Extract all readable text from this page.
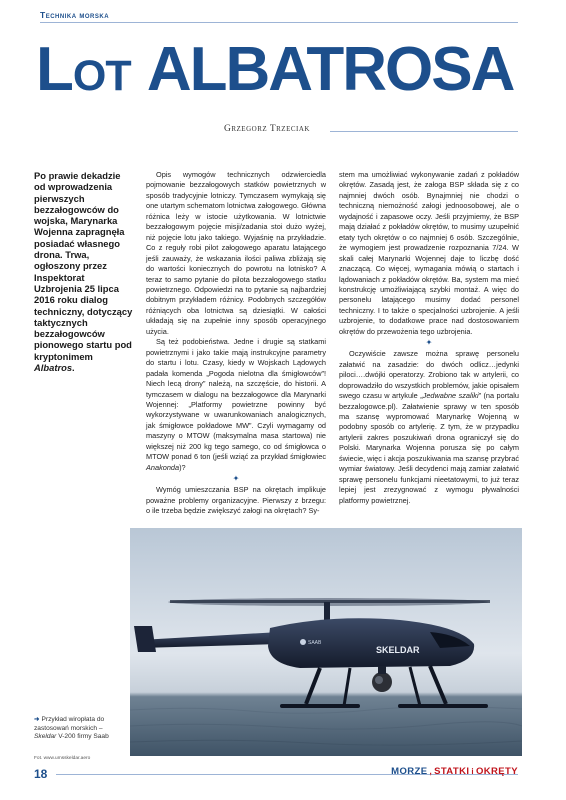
Technika morska
Lot ALBATROSA
Grzegorz Trzeciak
Po prawie dekadzie od wprowadzenia pierwszych bezzałogowców do wojska, Marynarka Wojenna zapragnęła posiadać własnego drona. Trwa, ogłoszony przez Inspektorat Uzbrojenia 25 lipca 2016 roku dialog techniczny, dotyczący taktycznych bezzałogowców pionowego startu pod kryptonimem Albatros.

Opis wymogów technicznych odzwierciedla pojmowanie bezzałogowych statków powietrznych w sposób tradycyjnie lotniczy. Tymczasem wymykają się one utartym schematom lotnictwa załogowego. Główna różnica leży w istocie użytkowania. W lotnictwie bezzałogowym pojęcie misji/zadania stoi dużo wyżej, niż pojęcie lotu jako takiego. Wyjaśnię na przykładzie. Co z reguły robi pilot załogowego aparatu latającego jeśli zauważy, że wskazania ilości paliwa zbliżają się do wartości koniecznych do powrotu na lotnisko? A teraz to samo pytanie do pilota bezzałogowego statku powietrznego. Odpowiedzi na to pytanie są najbardziej dobitnym przykładem różnicy. Podobnych szczegółów różniących oba lotnictwa są dziesiątki. W całości układają się na zupełnie inny sposób operacyjnego użycia.

Są też podobieństwa. Jedne i drugie są statkami powietrznymi i jako takie mają instrukcyjne parametry do startu i lotu. Czasy, kiedy w Wojskach Lądowych padała komenda „Pogoda nielotna dla śmigłowców”! Niech lecą drony” należą, na szczęście, do historii. A tymczasem w dialogu na bezzałogowce dla Marynarki Wojennej: „Platformy powietrzne powinny być wykorzystywane w uwarunkowaniach analogicznych, jak śmigłowce pokładowe MW”. Czyli wymagamy od maszyny o MTOW (maksymalna masa startowa) nie większej niż 200 kg tego samego, co od śmigłowca o MTOW ponad 6 ton (jeśli wziąć za przykład śmigłowiec Anakonda)?

✦

Wymóg umieszczania BSP na okrętach implikuje poważne problemy organizacyjne. Pierwszy z brzegu: o ile trzeba będzie zwiększyć załogi na okrętach? Sy-

stem ma umożliwiać wykonywanie zadań z pokładów okrętów. Zasadą jest, że załoga BSP składa się z co najmniej dwóch osób. Bynajmniej nie chodzi o techniczną niemożność załogi jednoosobowej, ale o wydajność i zapasowe oczy. Jeśli przyjmiemy, że BSP mają działać z pokładów okrętów, to musimy uzupełnić etaty tych okrętów o co najmniej 6 osób. Szczególnie, że wymogiem jest prowadzenie rozpoznania 7/24. W skali całej Marynarki Wojennej daje to liczbę dość znaczącą. Co więcej, wymagania mówią o startach i lądowaniach z pokładów okrętów. Ba, system ma mieć konstrukcję umożliwiającą szybki montaż. A więc do personelu latającego musimy dodać personel techniczny. I to także o specjalności uzbrojenie. A jeśli uzbrojenie, to dodatkowe prace nad dostosowaniem okrętów do przewożenia tego uzbrojenia.

✦

Oczywiście zawsze można sprawę personelu załatwić na zasadzie: do dwóch odlicz…jedynki piloci….dwójki operatorzy. Zrobiono tak w artylerii, co doprowadziło do wszystkich problemów, jakie opisałem swego czasu w artykule „Jedwabne szaliki” (na portalu bezzalogowce.pl). Załatwienie sprawy w ten sposób ma szansę wypromować Marynarkę Wojenną w podobny sposób co artylerię. Z tym, że w przypadku artylerii zakres poszukiwań drona ograniczył się do Polski. Marynarka Wojenna porusza się po całym świecie, więc i akcja poszukiwania ma szansę przybrać wymiar światowy. Jeśli decydenci mają zamiar załatwić sprawę personelu funkcjami nieetatowymi, to już teraz lepiej jest zrezygnować z wymogu pływalności platformy powietrznej.

SKELDAR
SAAB
➜ Przykład wiropłata do zastosowań morskich – Skeldar V-200 firmy Saab
Fot. www.umsskeldar.aero
18	MORZE , STATKI i OKRĘTY
